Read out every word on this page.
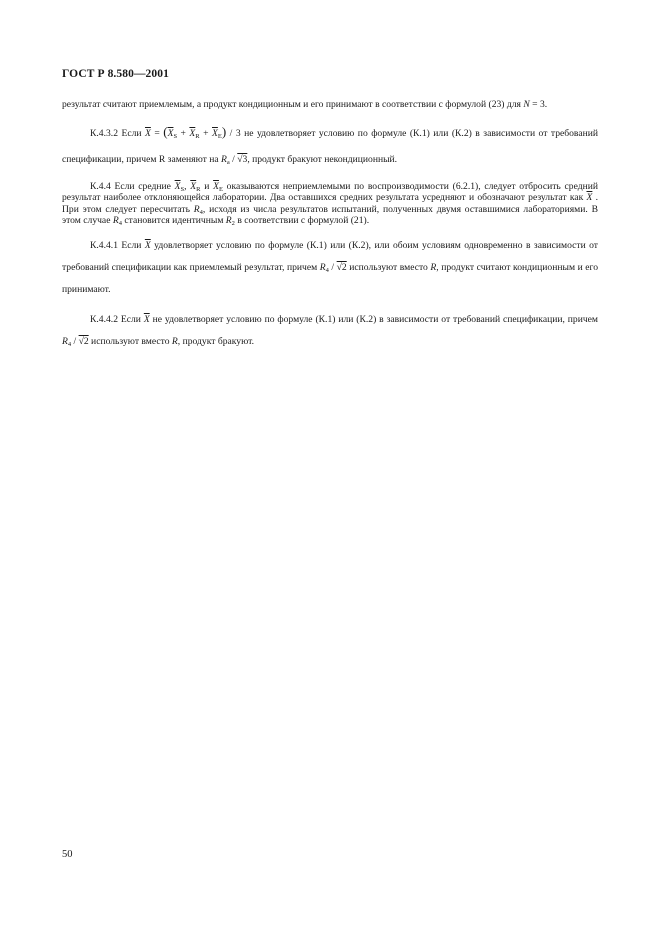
ГОСТ Р 8.580—2001

результат считают приемлемым, а продукт кондиционным и его принимают в соответствии с формулой (23) для N = 3.

К.4.3.2 Если $\overline{X} = (\overline{X}_S + \overline{X}_R + \overline{X}_E) / 3$ не удовлетворяет условию по формуле (К.1) или (К.2) в зависимости от требований спецификации, причем R заменяют на $R_a / √3$, продукт бракуют некондиционный.

К.4.4 Если средние $\overline{X}_S$, $\overline{X}_R$ и $\overline{X}_E$ оказываются неприемлемыми по воспроизводимости (6.2.1), следует отбросить средний результат наиболее отклоняющейся лаборатории. Два оставшихся средних результата усредняют и обозначают результат как $\overline{X}$ . При этом следует пересчитать $R_4$, исходя из числа результатов испытаний, полученных двумя оставшимися лабораториями. В этом случае $R_4$ становится идентичным $R_2$ в соответствии с формулой (21).

К.4.4.1 Если $\overline{X}$ удовлетворяет условию по формуле (К.1) или (К.2), или обоим условиям одновременно в зависимости от требований спецификации как приемлемый результат, причем $R_4 / √2$ используют вместо R, продукт считают кондиционным и его принимают.

К.4.4.2 Если $\overline{X}$ не удовлетворяет условию по формуле (К.1) или (К.2) в зависимости от требований спецификации, причем $R_4 / √2$ используют вместо R, продукт бракуют.

50
